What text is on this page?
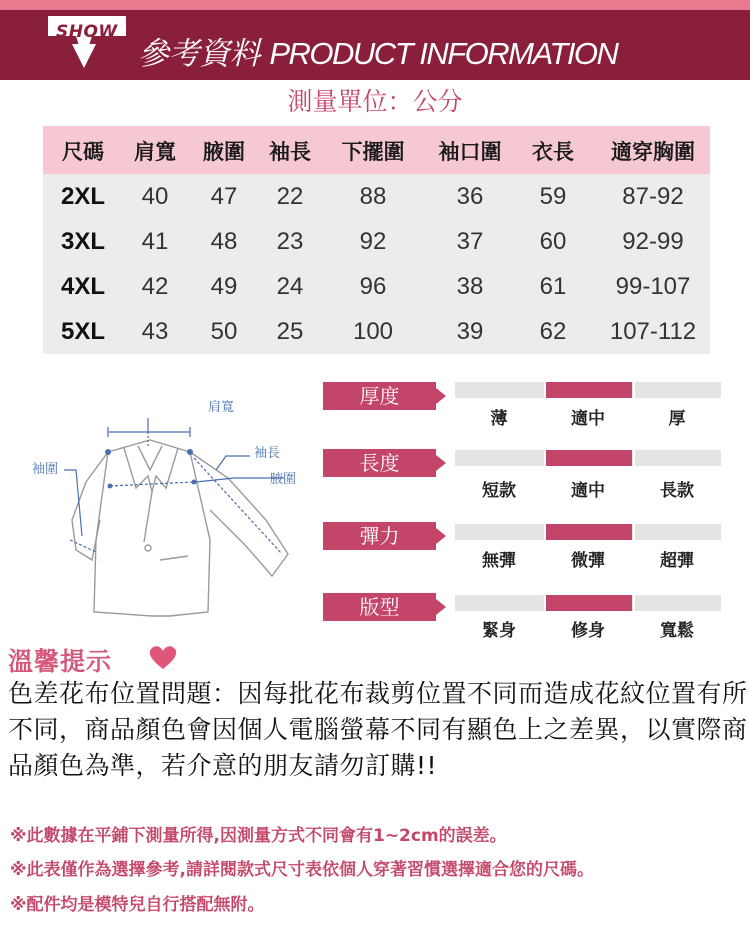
SHOW
參考資料 PRODUCT INFORMATION
測量單位：公分
尺碼	肩寬	腋圍	袖長	下擺圍	袖口圍	衣長	適穿胸圍
2XL	40	47	22	88	36	59	87-92
3XL	41	48	23	92	37	60	92-99
4XL	42	49	24	96	38	61	99-107
5XL	43	50	25	100	39	62	107-112
肩寬
袖長
腋圍
袖圍
厚度
薄	適中	厚
長度
短款	適中	長款
彈力
無彈	微彈	超彈
版型
緊身	修身	寬鬆
溫馨提示
色差花布位置問題：因每批花布裁剪位置不同而造成花紋位置有所不同，商品顏色會因個人電腦螢幕不同有顯色上之差異，以實際商品顏色為準，若介意的朋友請勿訂購!!
※此數據在平鋪下測量所得,因測量方式不同會有1~2cm的誤差。
※此表僅作為選擇參考,請詳閱款式尺寸表依個人穿著習慣選擇適合您的尺碼。
※配件均是模特兒自行搭配無附。
